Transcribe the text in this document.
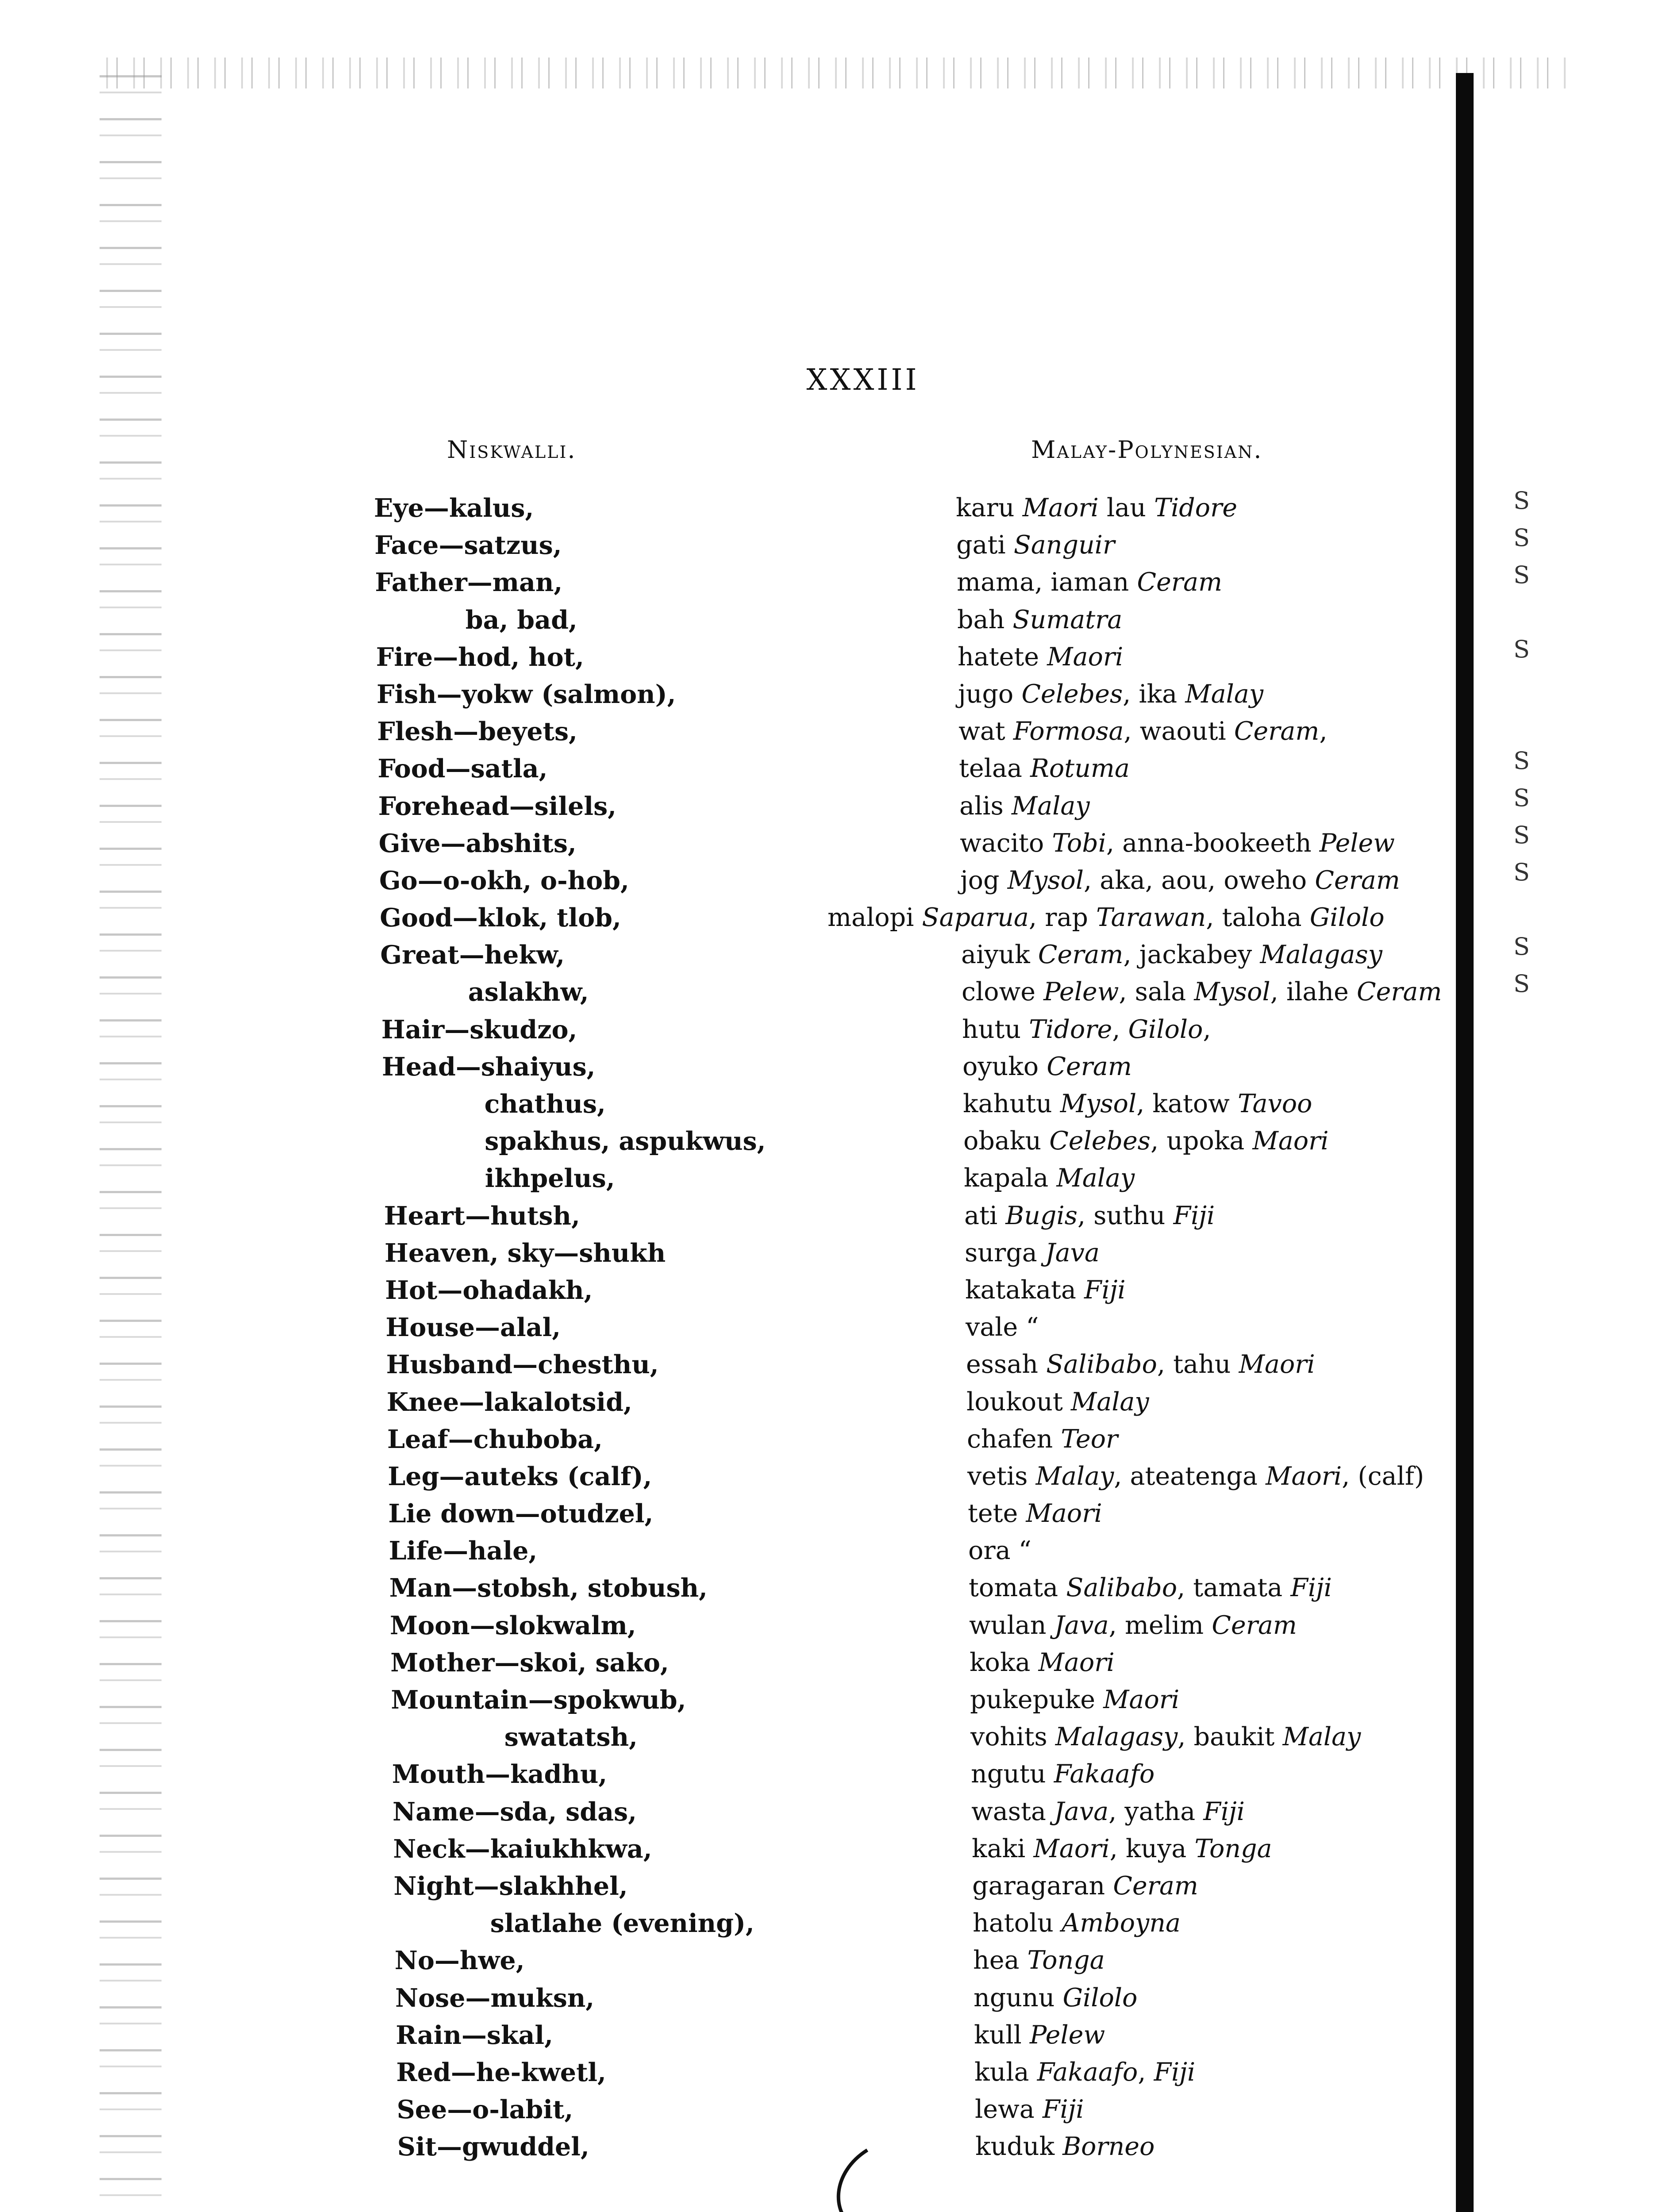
XXXIII
Niskwalli.	Malay-Polynesian.
Eye—kalus,	karu Maori lau Tidore
Face—satzus,	gati Sanguir
Father—man,	mama, iaman Ceram
ba, bad,	bah Sumatra
Fire—hod, hot,	hatete Maori
Fish—yokw (salmon),	jugo Celebes, ika Malay
Flesh—beyets,	wat Formosa, waouti Ceram,
Food—satla,	telaa Rotuma
Forehead—silels,	alis Malay
Give—abshits,	wacito Tobi, anna-bookeeth Pelew
Go—o-okh, o-hob,	jog Mysol, aka, aou, oweho Ceram
Good—klok, tlob,	malopi Saparua, rap Tarawan, taloha Gilolo
Great—hekw,	aiyuk Ceram, jackabey Malagasy
aslakhw,	clowe Pelew, sala Mysol, ilahe Ceram
Hair—skudzo,	hutu Tidore, Gilolo,
Head—shaiyus,	oyuko Ceram
chathus,	kahutu Mysol, katow Tavoo
spakhus, aspukwus,	obaku Celebes, upoka Maori
ikhpelus,	kapala Malay
Heart—hutsh,	ati Bugis, suthu Fiji
Heaven, sky—shukh	surga Java
Hot—ohadakh,	katakata Fiji
House—alal,	vale “
Husband—chesthu,	essah Salibabo, tahu Maori
Knee—lakalotsid,	loukout Malay
Leaf—chuboba,	chafen Teor
Leg—auteks (calf),	vetis Malay, ateatenga Maori, (calf)
Lie down—otudzel,	tete Maori
Life—hale,	ora “
Man—stobsh, stobush,	tomata Salibabo, tamata Fiji
Moon—slokwalm,	wulan Java, melim Ceram
Mother—skoi, sako,	koka Maori
Mountain—spokwub,	pukepuke Maori
swatatsh,	vohits Malagasy, baukit Malay
Mouth—kadhu,	ngutu Fakaafo
Name—sda, sdas,	wasta Java, yatha Fiji
Neck—kaiukhkwa,	kaki Maori, kuya Tonga
Night—slakhhel,	garagaran Ceram
slatlahe (evening),	hatolu Amboyna
No—hwe,	hea Tonga
Nose—muksn,	ngunu Gilolo
Rain—skal,	kull Pelew
Red—he-kwetl,	kula Fakaafo, Fiji
See—o-labit,	lewa Fiji
Sit—gwuddel,	kuduk Borneo
S
S
S
S
S
S
S
S
S
S
